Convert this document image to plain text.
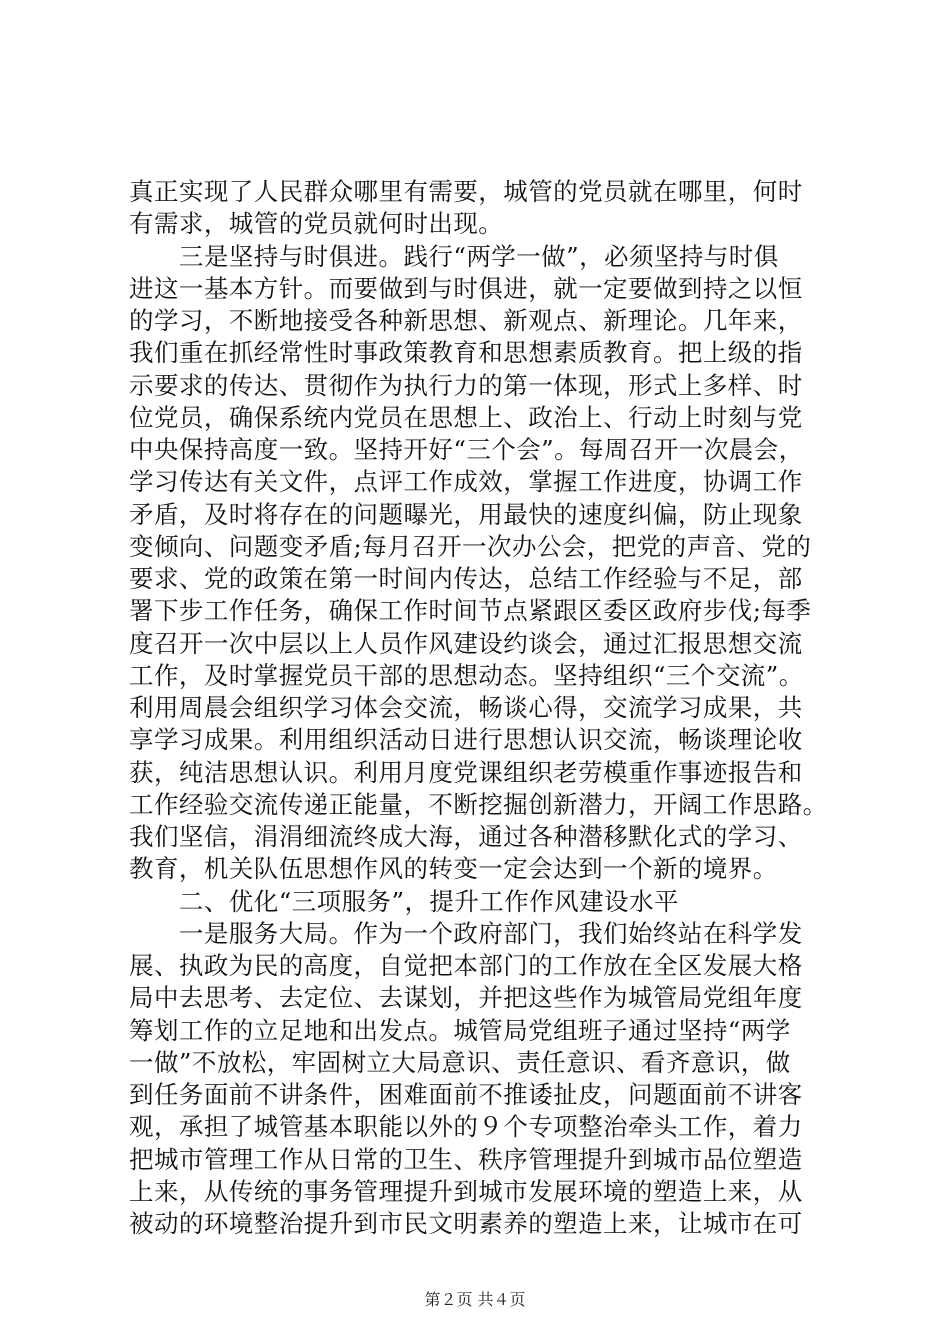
真正实现了人民群众哪里有需要，城管的党员就在哪里，何时
有需求，城管的党员就何时出现。
　　三是坚持与时俱进。践行“两学一做”，必须坚持与时俱
进这一基本方针。而要做到与时俱进，就一定要做到持之以恒
的学习，不断地接受各种新思想、新观点、新理论。几年来，
我们重在抓经常性时事政策教育和思想素质教育。把上级的指
示要求的传达、贯彻作为执行力的第一体现，形式上多样、时
位党员，确保系统内党员在思想上、政治上、行动上时刻与党
中央保持高度一致。坚持开好“三个会”。每周召开一次晨会，
学习传达有关文件，点评工作成效，掌握工作进度，协调工作
矛盾，及时将存在的问题曝光，用最快的速度纠偏，防止现象
变倾向、问题变矛盾;每月召开一次办公会，把党的声音、党的
要求、党的政策在第一时间内传达，总结工作经验与不足，部
署下步工作任务，确保工作时间节点紧跟区委区政府步伐;每季
度召开一次中层以上人员作风建设约谈会，通过汇报思想交流
工作，及时掌握党员干部的思想动态。坚持组织“三个交流”。
利用周晨会组织学习体会交流，畅谈心得，交流学习成果，共
享学习成果。利用组织活动日进行思想认识交流，畅谈理论收
获，纯洁思想认识。利用月度党课组织老劳模重作事迹报告和
工作经验交流传递正能量，不断挖掘创新潜力，开阔工作思路。
我们坚信，涓涓细流终成大海，通过各种潜移默化式的学习、
教育，机关队伍思想作风的转变一定会达到一个新的境界。
　　二、优化“三项服务”，提升工作作风建设水平
　　一是服务大局。作为一个政府部门，我们始终站在科学发
展、执政为民的高度，自觉把本部门的工作放在全区发展大格
局中去思考、去定位、去谋划，并把这些作为城管局党组年度
筹划工作的立足地和出发点。城管局党组班子通过坚持“两学
一做”不放松，牢固树立大局意识、责任意识、看齐意识，做
到任务面前不讲条件，困难面前不推诿扯皮，问题面前不讲客
观，承担了城管基本职能以外的９个专项整治牵头工作，着力
把城市管理工作从日常的卫生、秩序管理提升到城市品位塑造
上来，从传统的事务管理提升到城市发展环境的塑造上来，从
被动的环境整治提升到市民文明素养的塑造上来，让城市在可
第２页 共４页
